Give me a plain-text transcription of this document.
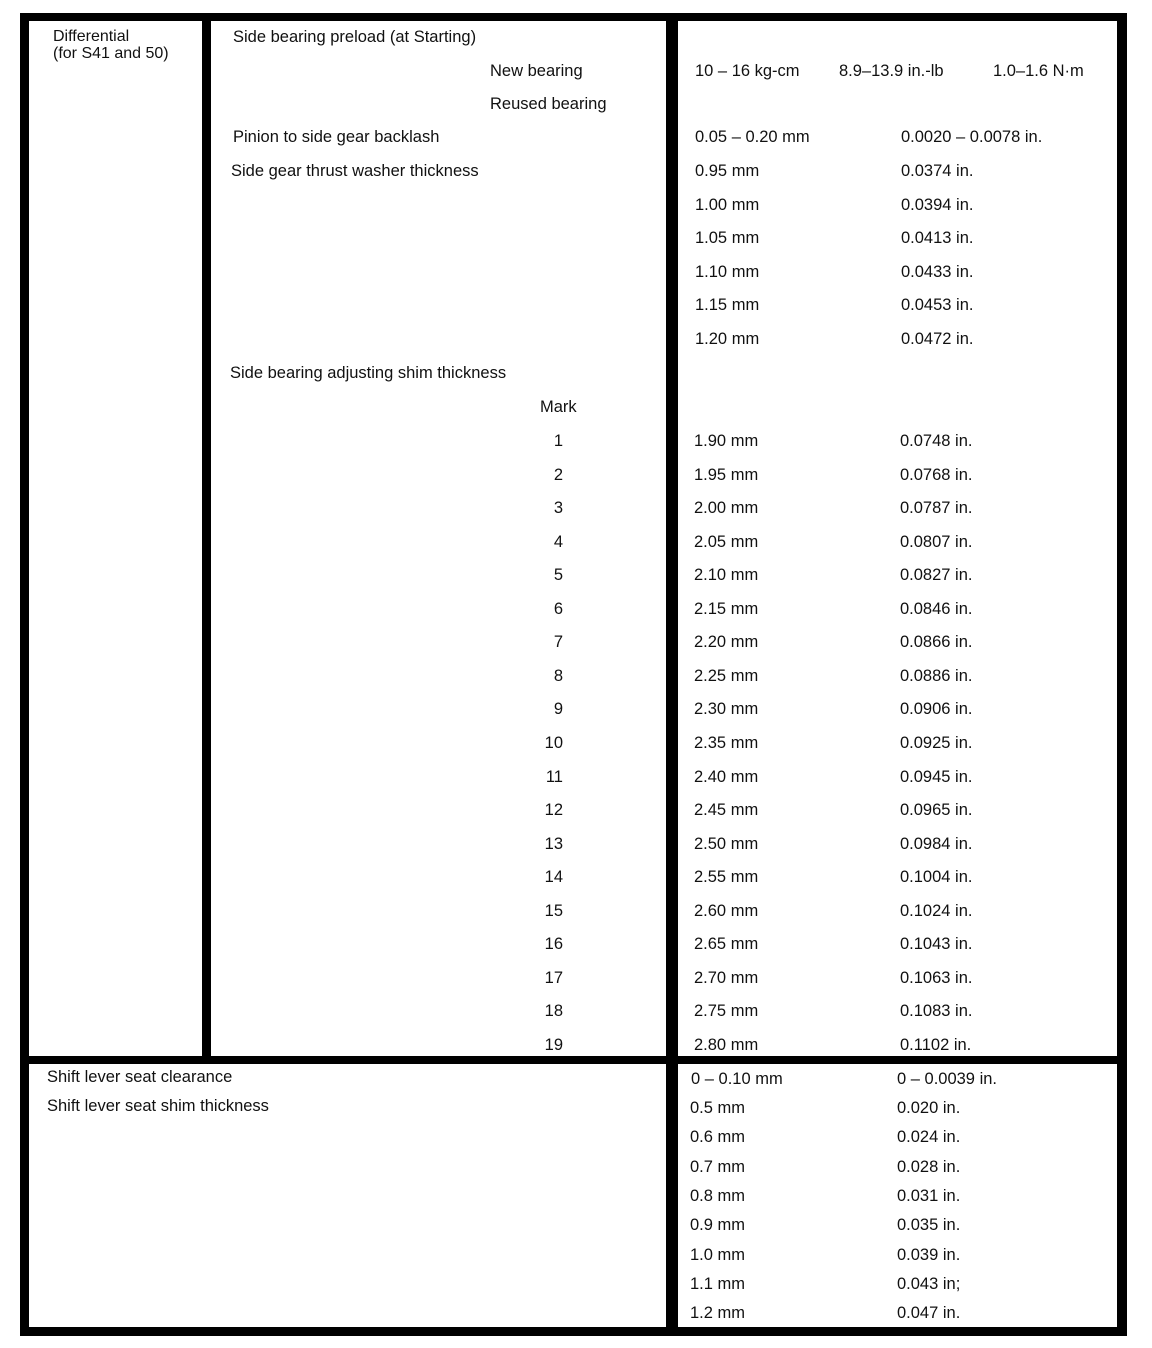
Differential
(for S41 and 50)
Side bearing preload (at Starting)
New bearing	10 – 16 kg-cm 8.9–13.9 in.-lb	1.0–1.6 N·m
Reused bearing
Pinion to side gear backlash	0.05 – 0.20 mm	0.0020 – 0.0078 in.
Side gear thrust washer thickness	0.95 mm	0.0374 in.
1.00 mm	0.0394 in.
1.05 mm	0.0413 in.
1.10 mm	0.0433 in.
1.15 mm	0.0453 in.
1.20 mm	0.0472 in.
Side bearing adjusting shim thickness
Mark
1	1.90 mm	0.0748 in.
2	1.95 mm	0.0768 in.
3	2.00 mm	0.0787 in.
4	2.05 mm	0.0807 in.
5	2.10 mm	0.0827 in.
6	2.15 mm	0.0846 in.
7	2.20 mm	0.0866 in.
8	2.25 mm	0.0886 in.
9	2.30 mm	0.0906 in.
10	2.35 mm	0.0925 in.
11	2.40 mm	0.0945 in.
12	2.45 mm	0.0965 in.
13	2.50 mm	0.0984 in.
14	2.55 mm	0.1004 in.
15	2.60 mm	0.1024 in.
16	2.65 mm	0.1043 in.
17	2.70 mm	0.1063 in.
18	2.75 mm	0.1083 in.
19	2.80 mm	0.1102 in.
Shift lever seat clearance	0 – 0.10 mm	0 – 0.0039 in.
Shift lever seat shim thickness	0.5 mm	0.020 in.
0.6 mm	0.024 in.
0.7 mm	0.028 in.
0.8 mm	0.031 in.
0.9 mm	0.035 in.
1.0 mm	0.039 in.
1.1 mm	0.043 in;
1.2 mm	0.047 in.
